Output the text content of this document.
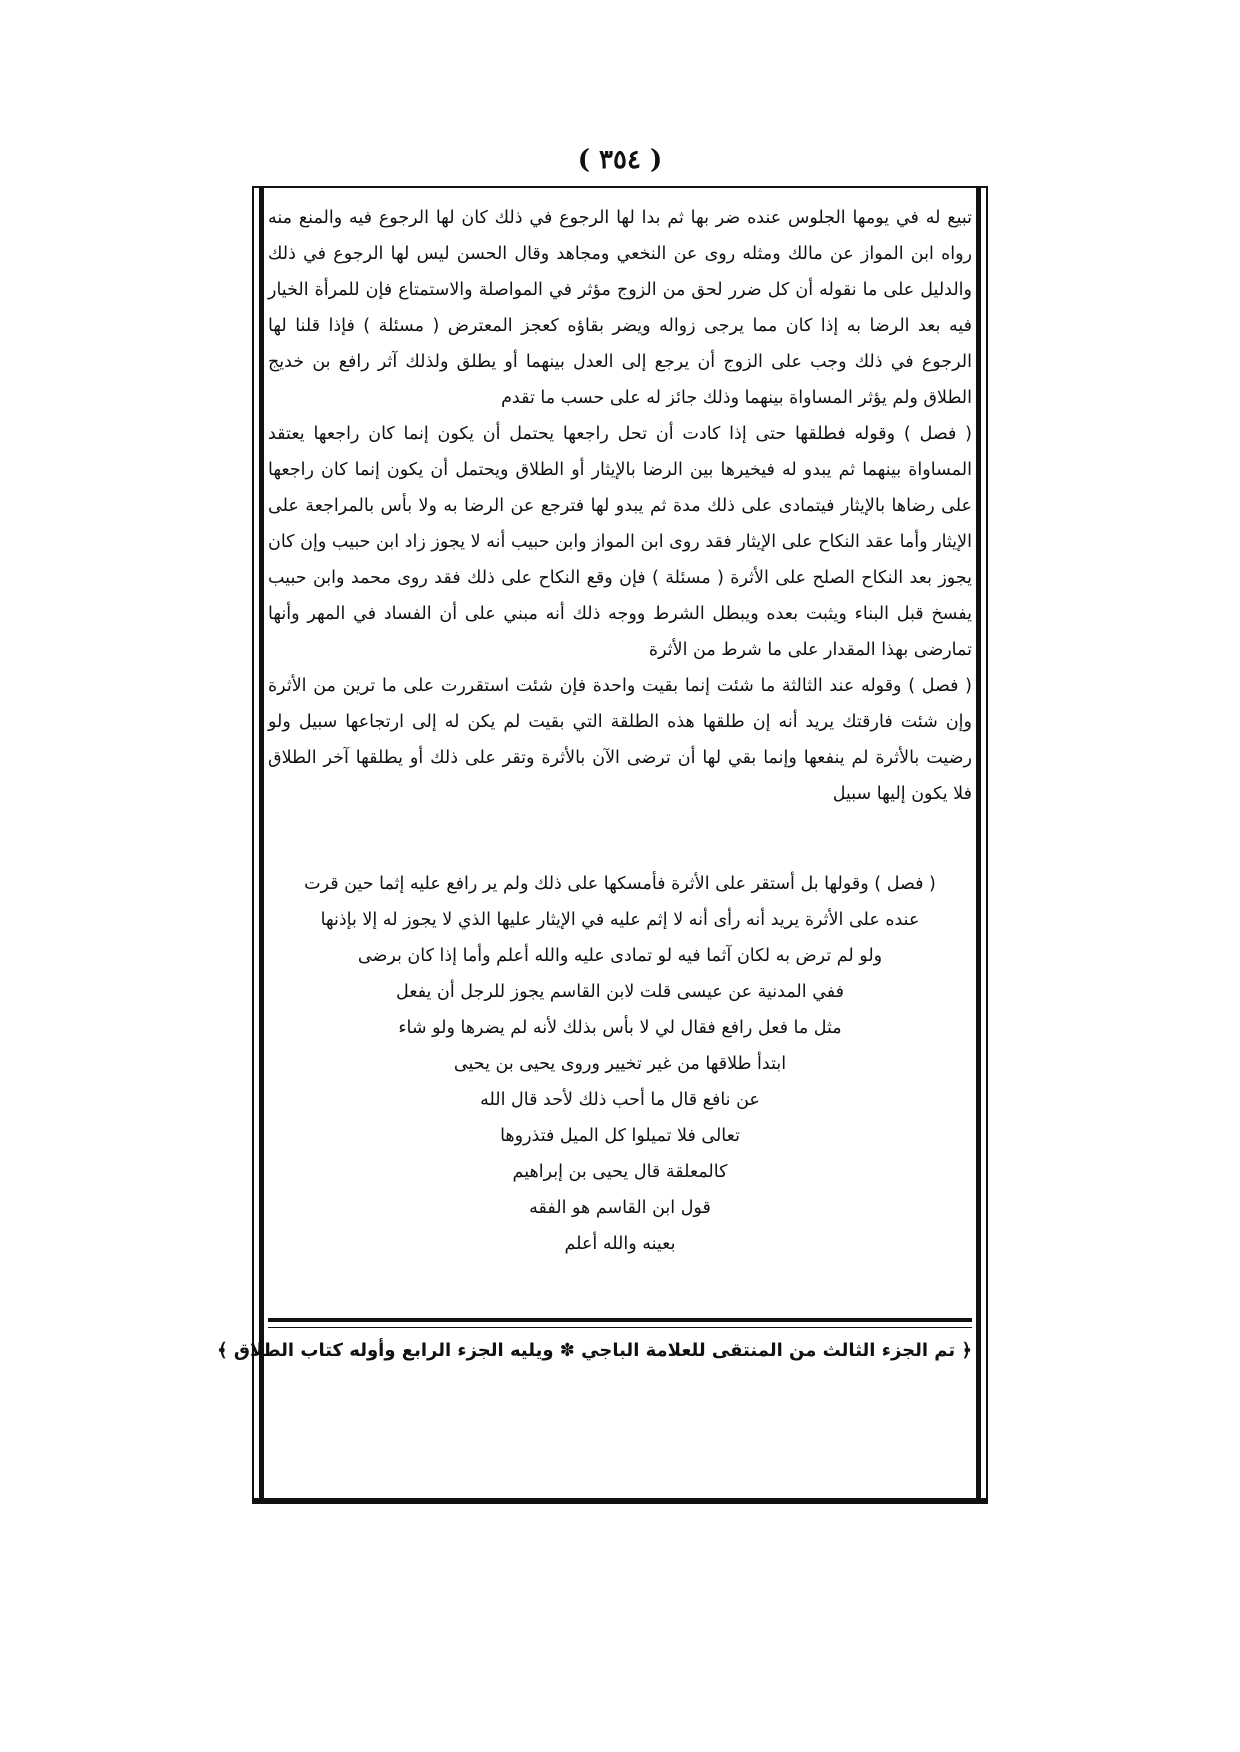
( ٣٥٤ )

تبيع له في يومها الجلوس عنده ضر بها ثم بدا لها الرجوع في ذلك كان لها الرجوع فيه والمنع منه رواه ابن المواز عن مالك ومثله روى عن النخعي ومجاهد وقال الحسن ليس لها الرجوع في ذلك والدليل على ما نقوله أن كل ضرر لحق من الزوج مؤثر في المواصلة والاستمتاع فإن للمرأة الخيار فيه بعد الرضا به إذا كان مما يرجى زواله ويضر بقاؤه كعجز المعترض ( مسئلة ) فإذا قلنا لها الرجوع في ذلك وجب على الزوج أن يرجع إلى العدل بينهما أو يطلق ولذلك آثر رافع بن خديج الطلاق ولم يؤثر المساواة بينهما وذلك جائز له على حسب ما تقدم

( فصل ) وقوله فطلقها حتى إذا كادت أن تحل راجعها يحتمل أن يكون إنما كان راجعها يعتقد المساواة بينهما ثم يبدو له فيخيرها بين الرضا بالإيثار أو الطلاق ويحتمل أن يكون إنما كان راجعها على رضاها بالإيثار فيتمادى على ذلك مدة ثم يبدو لها فترجع عن الرضا به ولا بأس بالمراجعة على الإيثار وأما عقد النكاح على الإيثار فقد روى ابن المواز وابن حبيب أنه لا يجوز زاد ابن حبيب وإن كان يجوز بعد النكاح الصلح على الأثرة ( مسئلة ) فإن وقع النكاح على ذلك فقد روى محمد وابن حبيب يفسخ قبل البناء ويثبت بعده ويبطل الشرط ووجه ذلك أنه مبني على أن الفساد في المهر وأنها تمارضى بهذا المقدار على ما شرط من الأثرة

( فصل ) وقوله عند الثالثة ما شئت إنما بقيت واحدة فإن شئت استقررت على ما ترين من الأثرة وإن شئت فارقتك يريد أنه إن طلقها هذه الطلقة التي بقيت لم يكن له إلى ارتجاعها سبيل ولو رضيت بالأثرة لم ينفعها وإنما بقي لها أن ترضى الآن بالأثرة وتقر على ذلك أو يطلقها آخر الطلاق فلا يكون إليها سبيل

( فصل ) وقولها بل أستقر على الأثرة فأمسكها على ذلك ولم ير رافع عليه إثما حين قرت
عنده على الأثرة يريد أنه رأى أنه لا إثم عليه في الإيثار عليها الذي لا يجوز له إلا بإذنها
ولو لم ترض به لكان آثما فيه لو تمادى عليه والله أعلم وأما إذا كان برضى
ففي المدنية عن عيسى قلت لابن القاسم يجوز للرجل أن يفعل
مثل ما فعل رافع فقال لي لا بأس بذلك لأنه لم يضرها ولو شاء
ابتدأ طلاقها من غير تخيير وروى يحيى بن يحيى
عن نافع قال ما أحب ذلك لأحد قال الله
تعالى فلا تميلوا كل الميل فتذروها
كالمعلقة قال يحيى بن إبراهيم
قول ابن القاسم هو الفقه
بعينه والله أعلم
﴿ تم الجزء الثالث من المنتقى للعلامة الباجي ✽ ويليه الجزء الرابع وأوله كتاب الطلاق ﴾
